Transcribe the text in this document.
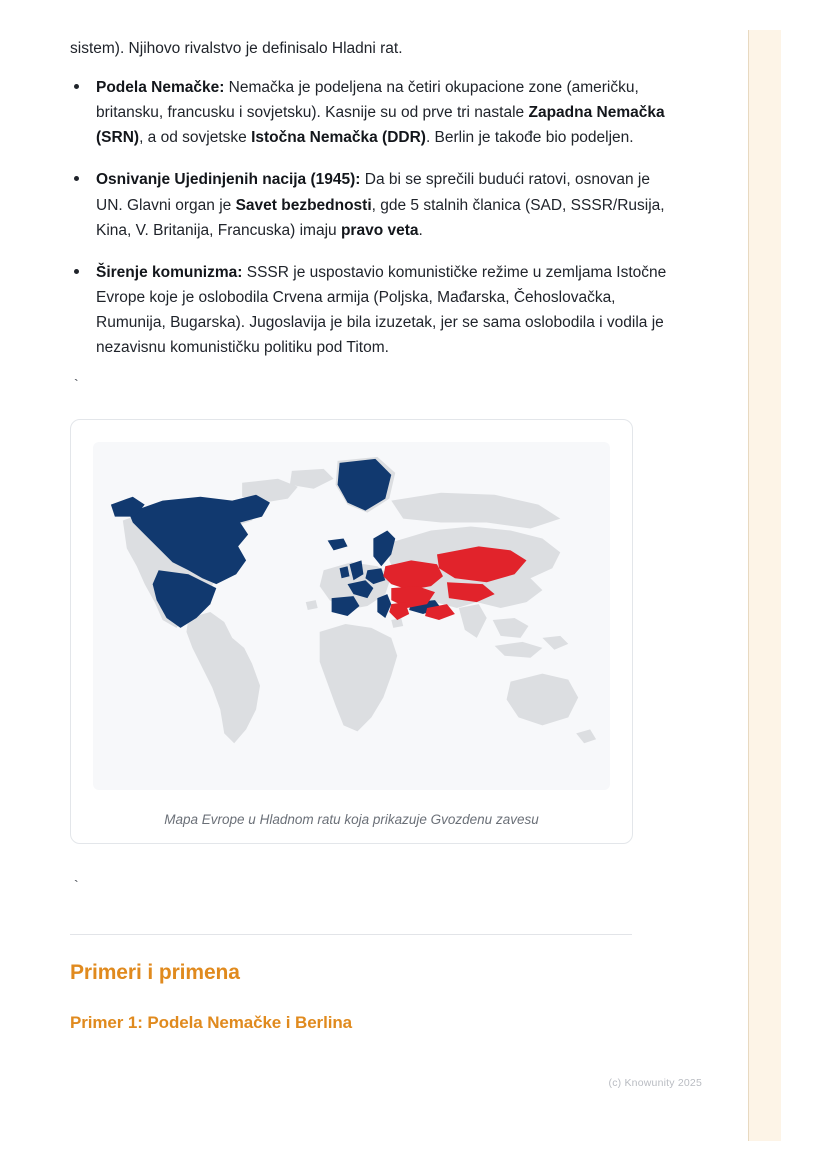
sistem). Njihovo rivalstvo je definisalo Hladni rat.

Podela Nemačke: Nemačka je podeljena na četiri okupacione zone (američku, britansku, francusku i sovjetsku). Kasnije su od prve tri nastale Zapadna Nemačka (SRN), a od sovjetske Istočna Nemačka (DDR). Berlin je takođe bio podeljen.
Osnivanje Ujedinjenih nacija (1945): Da bi se sprečili budući ratovi, osnovan je UN. Glavni organ je Savet bezbednosti, gde 5 stalnih članica (SAD, SSSR/Rusija, Kina, V. Britanija, Francuska) imaju pravo veta.
Širenje komunizma: SSSR je uspostavio komunističke režime u zemljama Istočne Evrope koje je oslobodila Crvena armija (Poljska, Mađarska, Čehoslovačka, Rumunija, Bugarska). Jugoslavija je bila izuzetak, jer se sama oslobodila i vodila je nezavisnu komunističku politiku pod Titom.
`
Mapa Evrope u Hladnom ratu koja prikazuje Gvozdenu zavesu
`
Primeri i primena
Primer 1: Podela Nemačke i Berlina
(c) Knowunity 2025
